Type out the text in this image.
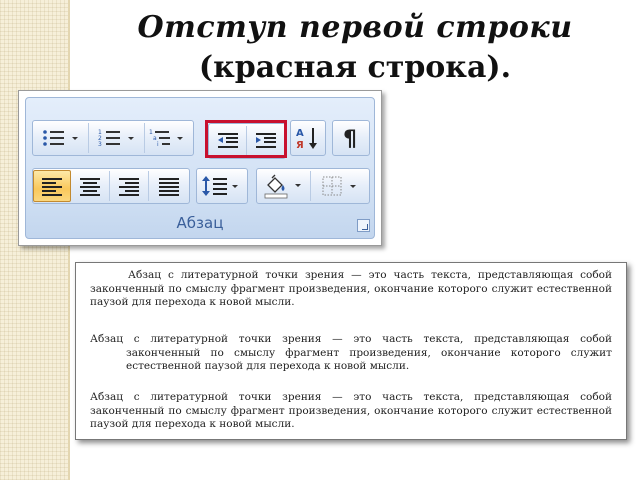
Отступ первой строки
(красная строка).
1
2
3
1
a
i
A
Я ¶
Абзац
Абзац с литературной точки зрения — это часть текста, представляющая собой законченный по смыслу фрагмент произведения, окончание которого служит естественной паузой для перехода к новой мысли.
Абзац с литературной точки зрения — это часть текста, представляющая собой законченный по смыслу фрагмент произведения, окончание которого служит естественной паузой для перехода к новой мысли.
Абзац с литературной точки зрения — это часть текста, представляющая собой законченный по смыслу фрагмент произведения, окончание которого служит естественной паузой для перехода к новой мысли.
